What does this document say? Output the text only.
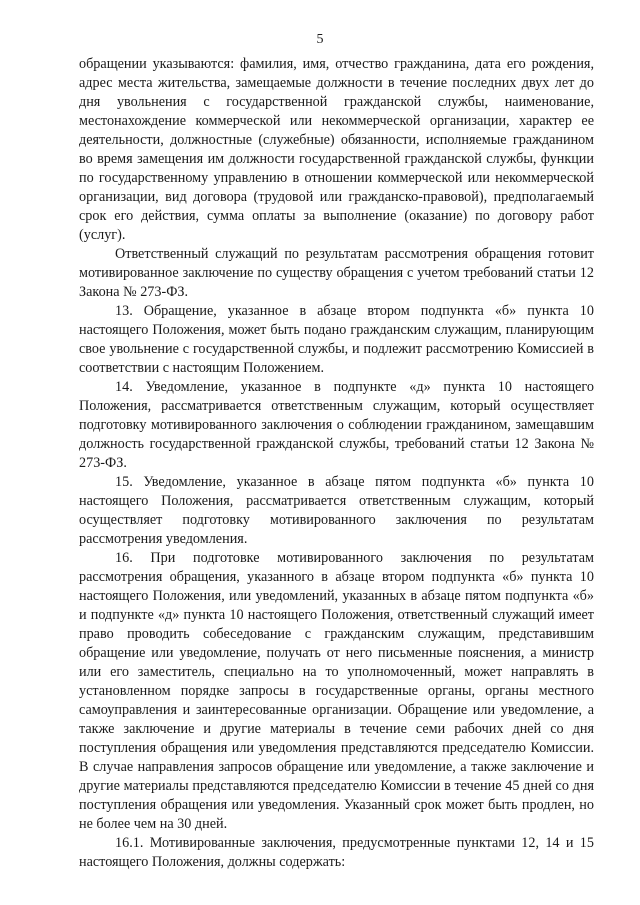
5

обращении указываются: фамилия, имя, отчество гражданина, дата его рождения, адрес места жительства, замещаемые должности в течение последних двух лет до дня увольнения с государственной гражданской службы, наименование, местонахождение коммерческой или некоммерческой организации, характер ее деятельности, должностные (служебные) обязанности, исполняемые гражданином во время замещения им должности государственной гражданской службы, функции по государственному управлению в отношении коммерческой или некоммерческой организации, вид договора (трудовой или гражданско-правовой), предполагаемый срок его действия, сумма оплаты за выполнение (оказание) по договору работ (услуг).

Ответственный служащий по результатам рассмотрения обращения готовит мотивированное заключение по существу обращения с учетом требований статьи 12 Закона № 273-ФЗ.

13. Обращение, указанное в абзаце втором подпункта «б» пункта 10 настоящего Положения, может быть подано гражданским служащим, планирующим свое увольнение с государственной службы, и подлежит рассмотрению Комиссией в соответствии с настоящим Положением.

14. Уведомление, указанное в подпункте «д» пункта 10 настоящего Положения, рассматривается ответственным служащим, который осуществляет подготовку мотивированного заключения о соблюдении гражданином, замещавшим должность государственной гражданской службы, требований статьи 12 Закона № 273-ФЗ.

15. Уведомление, указанное в абзаце пятом подпункта «б» пункта 10 настоящего Положения, рассматривается ответственным служащим, который осуществляет подготовку мотивированного заключения по результатам рассмотрения уведомления.

16. При подготовке мотивированного заключения по результатам рассмотрения обращения, указанного в абзаце втором подпункта «б» пункта 10 настоящего Положения, или уведомлений, указанных в абзаце пятом подпункта «б» и подпункте «д» пункта 10 настоящего Положения, ответственный служащий имеет право проводить собеседование с гражданским служащим, представившим обращение или уведомление, получать от него письменные пояснения, а министр или его заместитель, специально на то уполномоченный, может направлять в установленном порядке запросы в государственные органы, органы местного самоуправления и заинтересованные организации. Обращение или уведомление, а также заключение и другие материалы в течение семи рабочих дней со дня поступления обращения или уведомления представляются председателю Комиссии. В случае направления запросов обращение или уведомление, а также заключение и другие материалы представляются председателю Комиссии в течение 45 дней со дня поступления обращения или уведомления. Указанный срок может быть продлен, но не более чем на 30 дней.

16.1. Мотивированные заключения, предусмотренные пунктами 12, 14 и 15 настоящего Положения, должны содержать:
